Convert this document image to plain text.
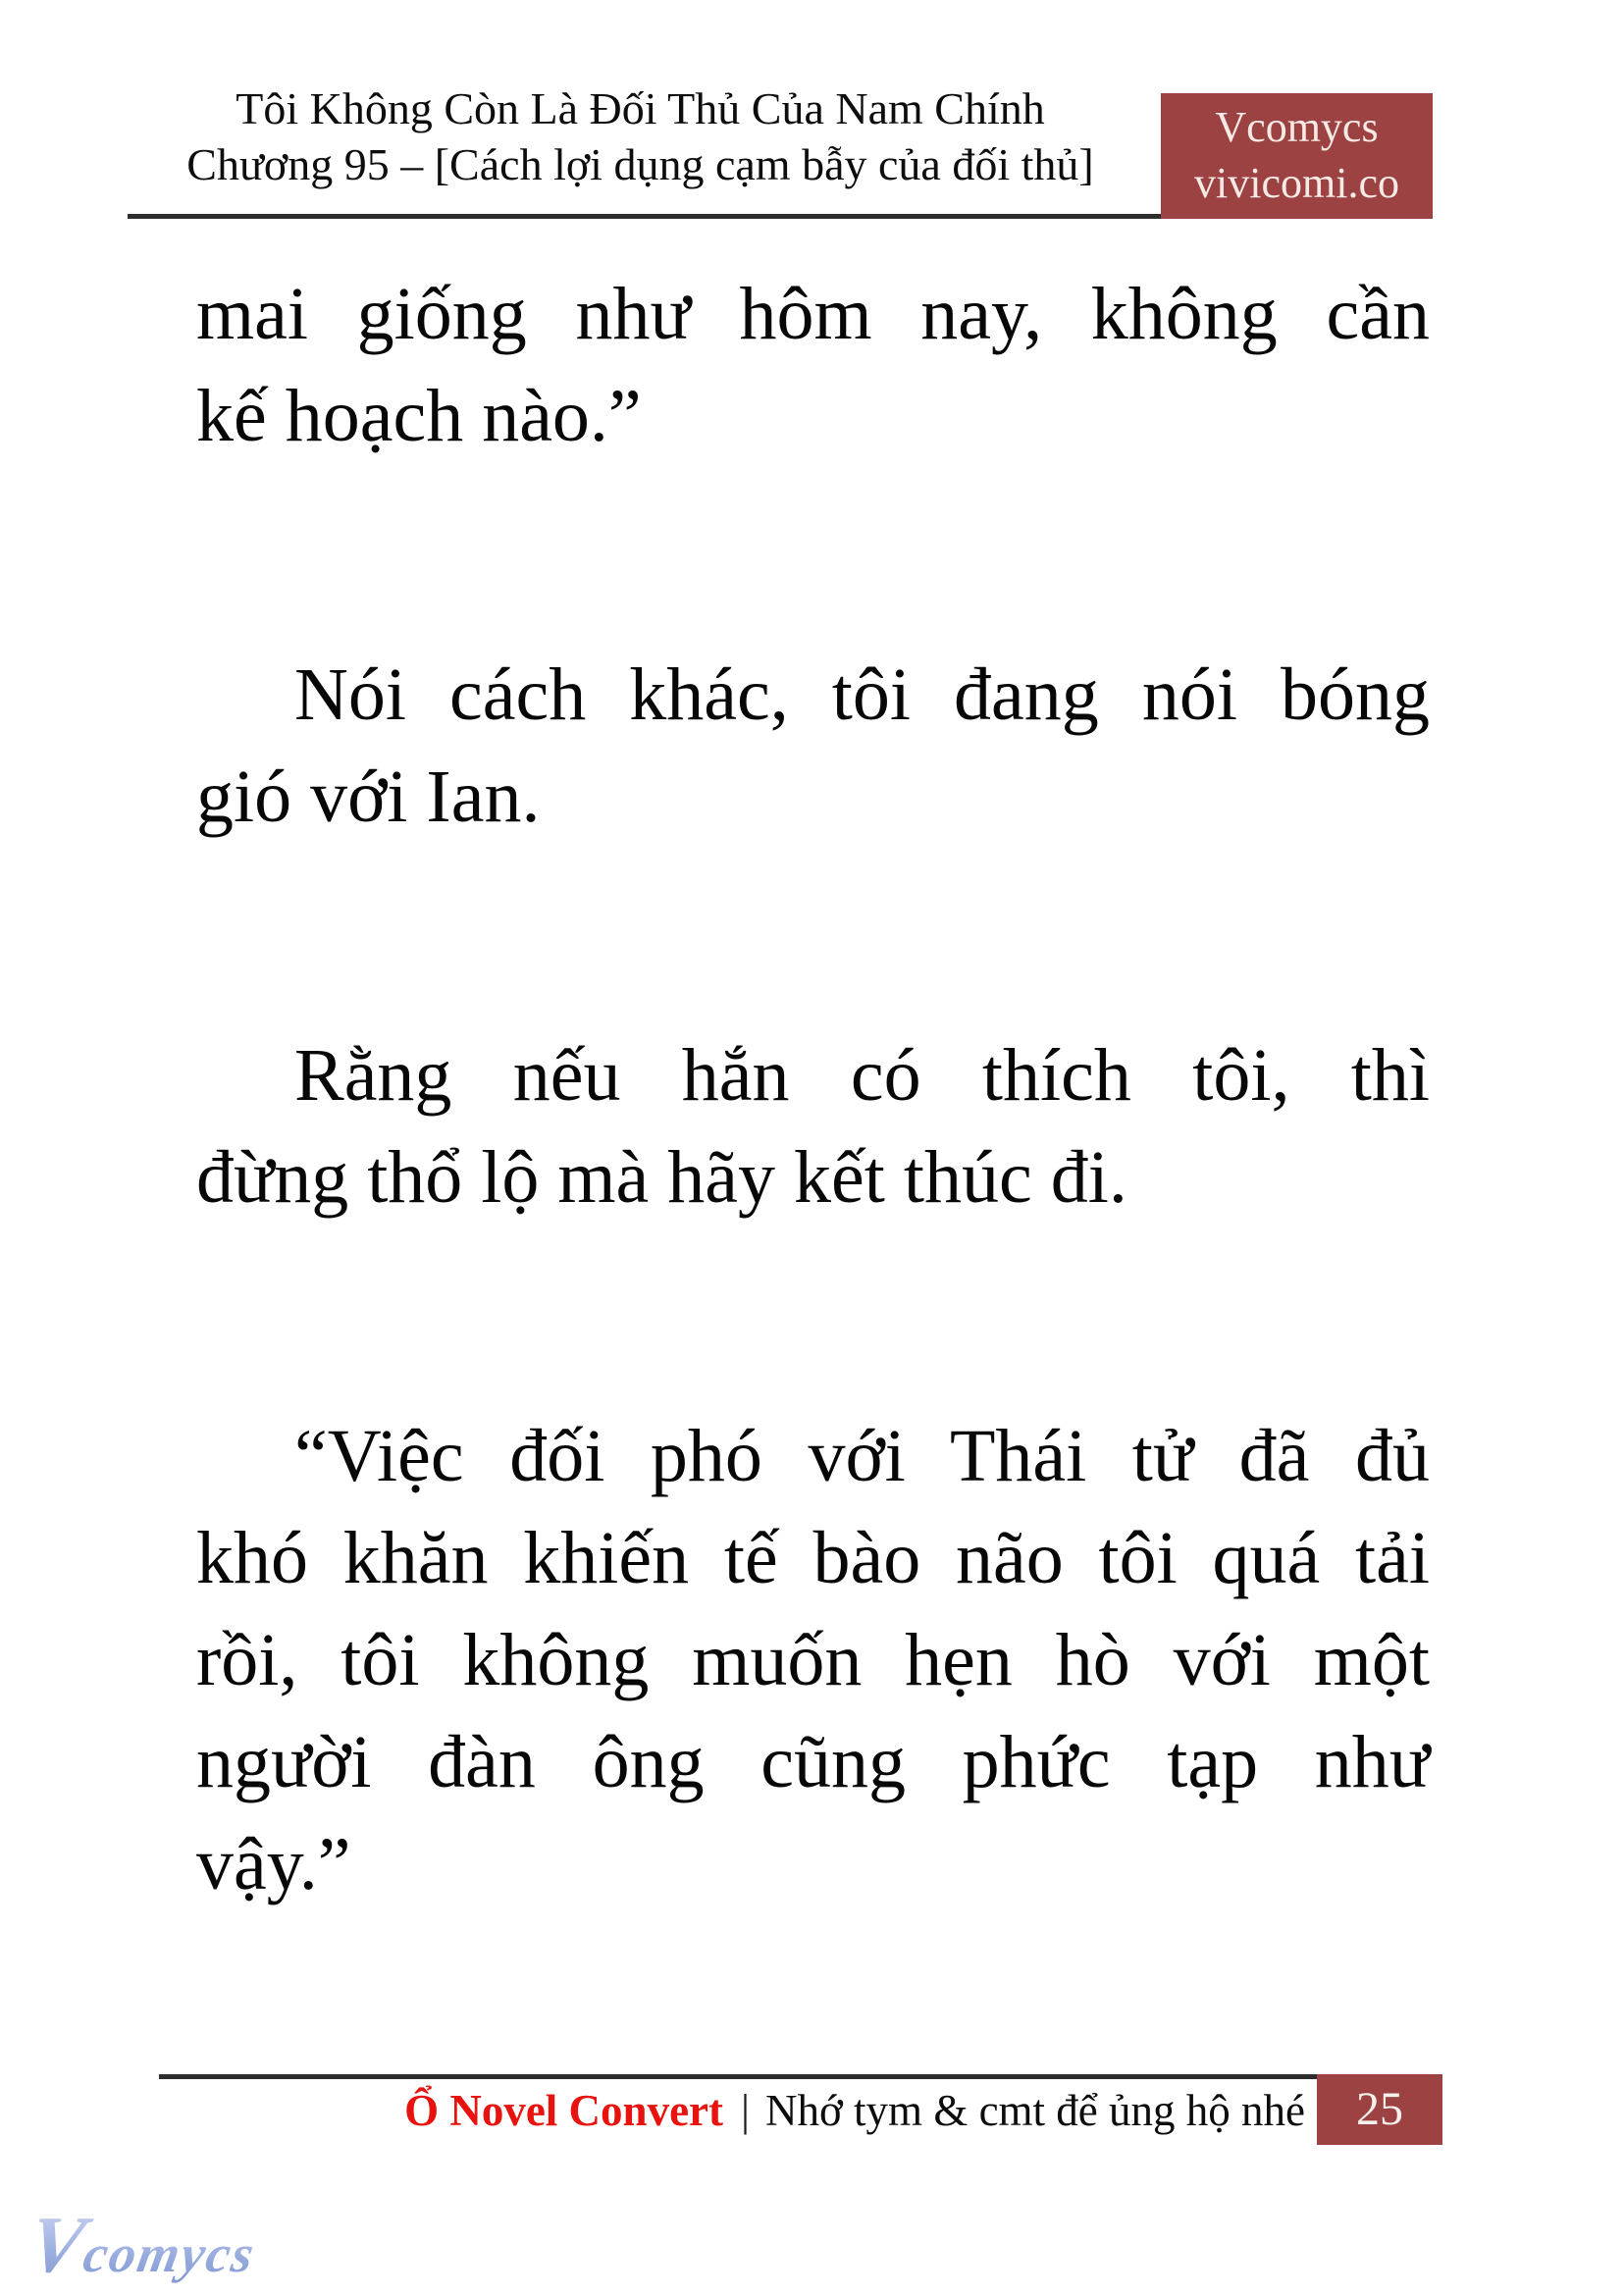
Tôi Không Còn Là Đối Thủ Của Nam Chính
Chương 95 – [Cách lợi dụng cạm bẫy của đối thủ]
Vcomycs
vivicomi.co
mai giống như hôm nay, không cần
kế hoạch nào.”
Nói cách khác, tôi đang nói bóng
gió với Ian.
Rằng nếu hắn có thích tôi, thì
đừng thổ lộ mà hãy kết thúc đi.
“Việc đối phó với Thái tử đã đủ
khó khăn khiến tế bào não tôi quá tải
rồi, tôi không muốn hẹn hò với một
người đàn ông cũng phức tạp như
vậy.”
Ổ Novel Convert | Nhớ tym & cmt để ủng hộ nhé	25
Vcomycs
